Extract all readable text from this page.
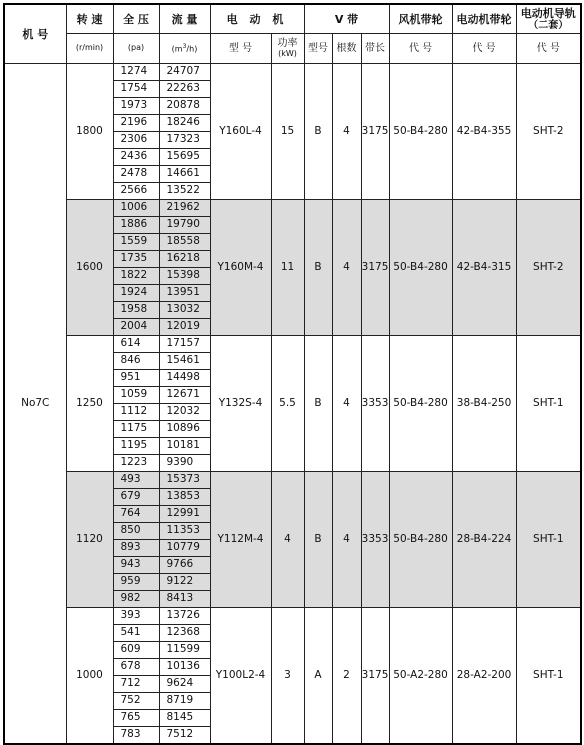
机 号	转 速	全 压	流 量	电 动 机		V 带			风机带轮	电动机带轮	电动机导轨
（二套）

	(r/min)	(pa)	$(m^3/h)$	型 号	功率
(kW)	型号	根数	带长	代 号	代 号	代 号
No7C	1800	1274	24707	Y160L-4	15	B	4	3175	50-B4-280	42-B4-355	SHT-2
		1754	22263								
		1973	20878								
		2196	18246								
		2306	17323								
		2436	15695								
		2478	14661								
		2566	13522								
	1600	1006	21962	Y160M-4	11	B	4	3175	50-B4-280	42-B4-315	SHT-2
		1886	19790								
		1559	18558								
		1735	16218								
		1822	15398								
		1924	13951								
		1958	13032								
		2004	12019								
	1250	614	17157	Y132S-4	5.5	B	4	3353	50-B4-280	38-B4-250	SHT-1
		846	15461								
		951	14498								
		1059	12671								
		1112	12032								
		1175	10896								
		1195	10181								
		1223	9390								
	1120	493	15373	Y112M-4	4	B	4	3353	50-B4-280	28-B4-224	SHT-1
		679	13853								
		764	12991								
		850	11353								
		893	10779								
		943	9766								
		959	9122								
		982	8413								
	1000	393	13726	Y100L2-4	3	A	2	3175	50-A2-280	28-A2-200	SHT-1
		541	12368								
		609	11599								
		678	10136								
		712	9624								
		752	8719								
		765	8145								
		783	7512								
